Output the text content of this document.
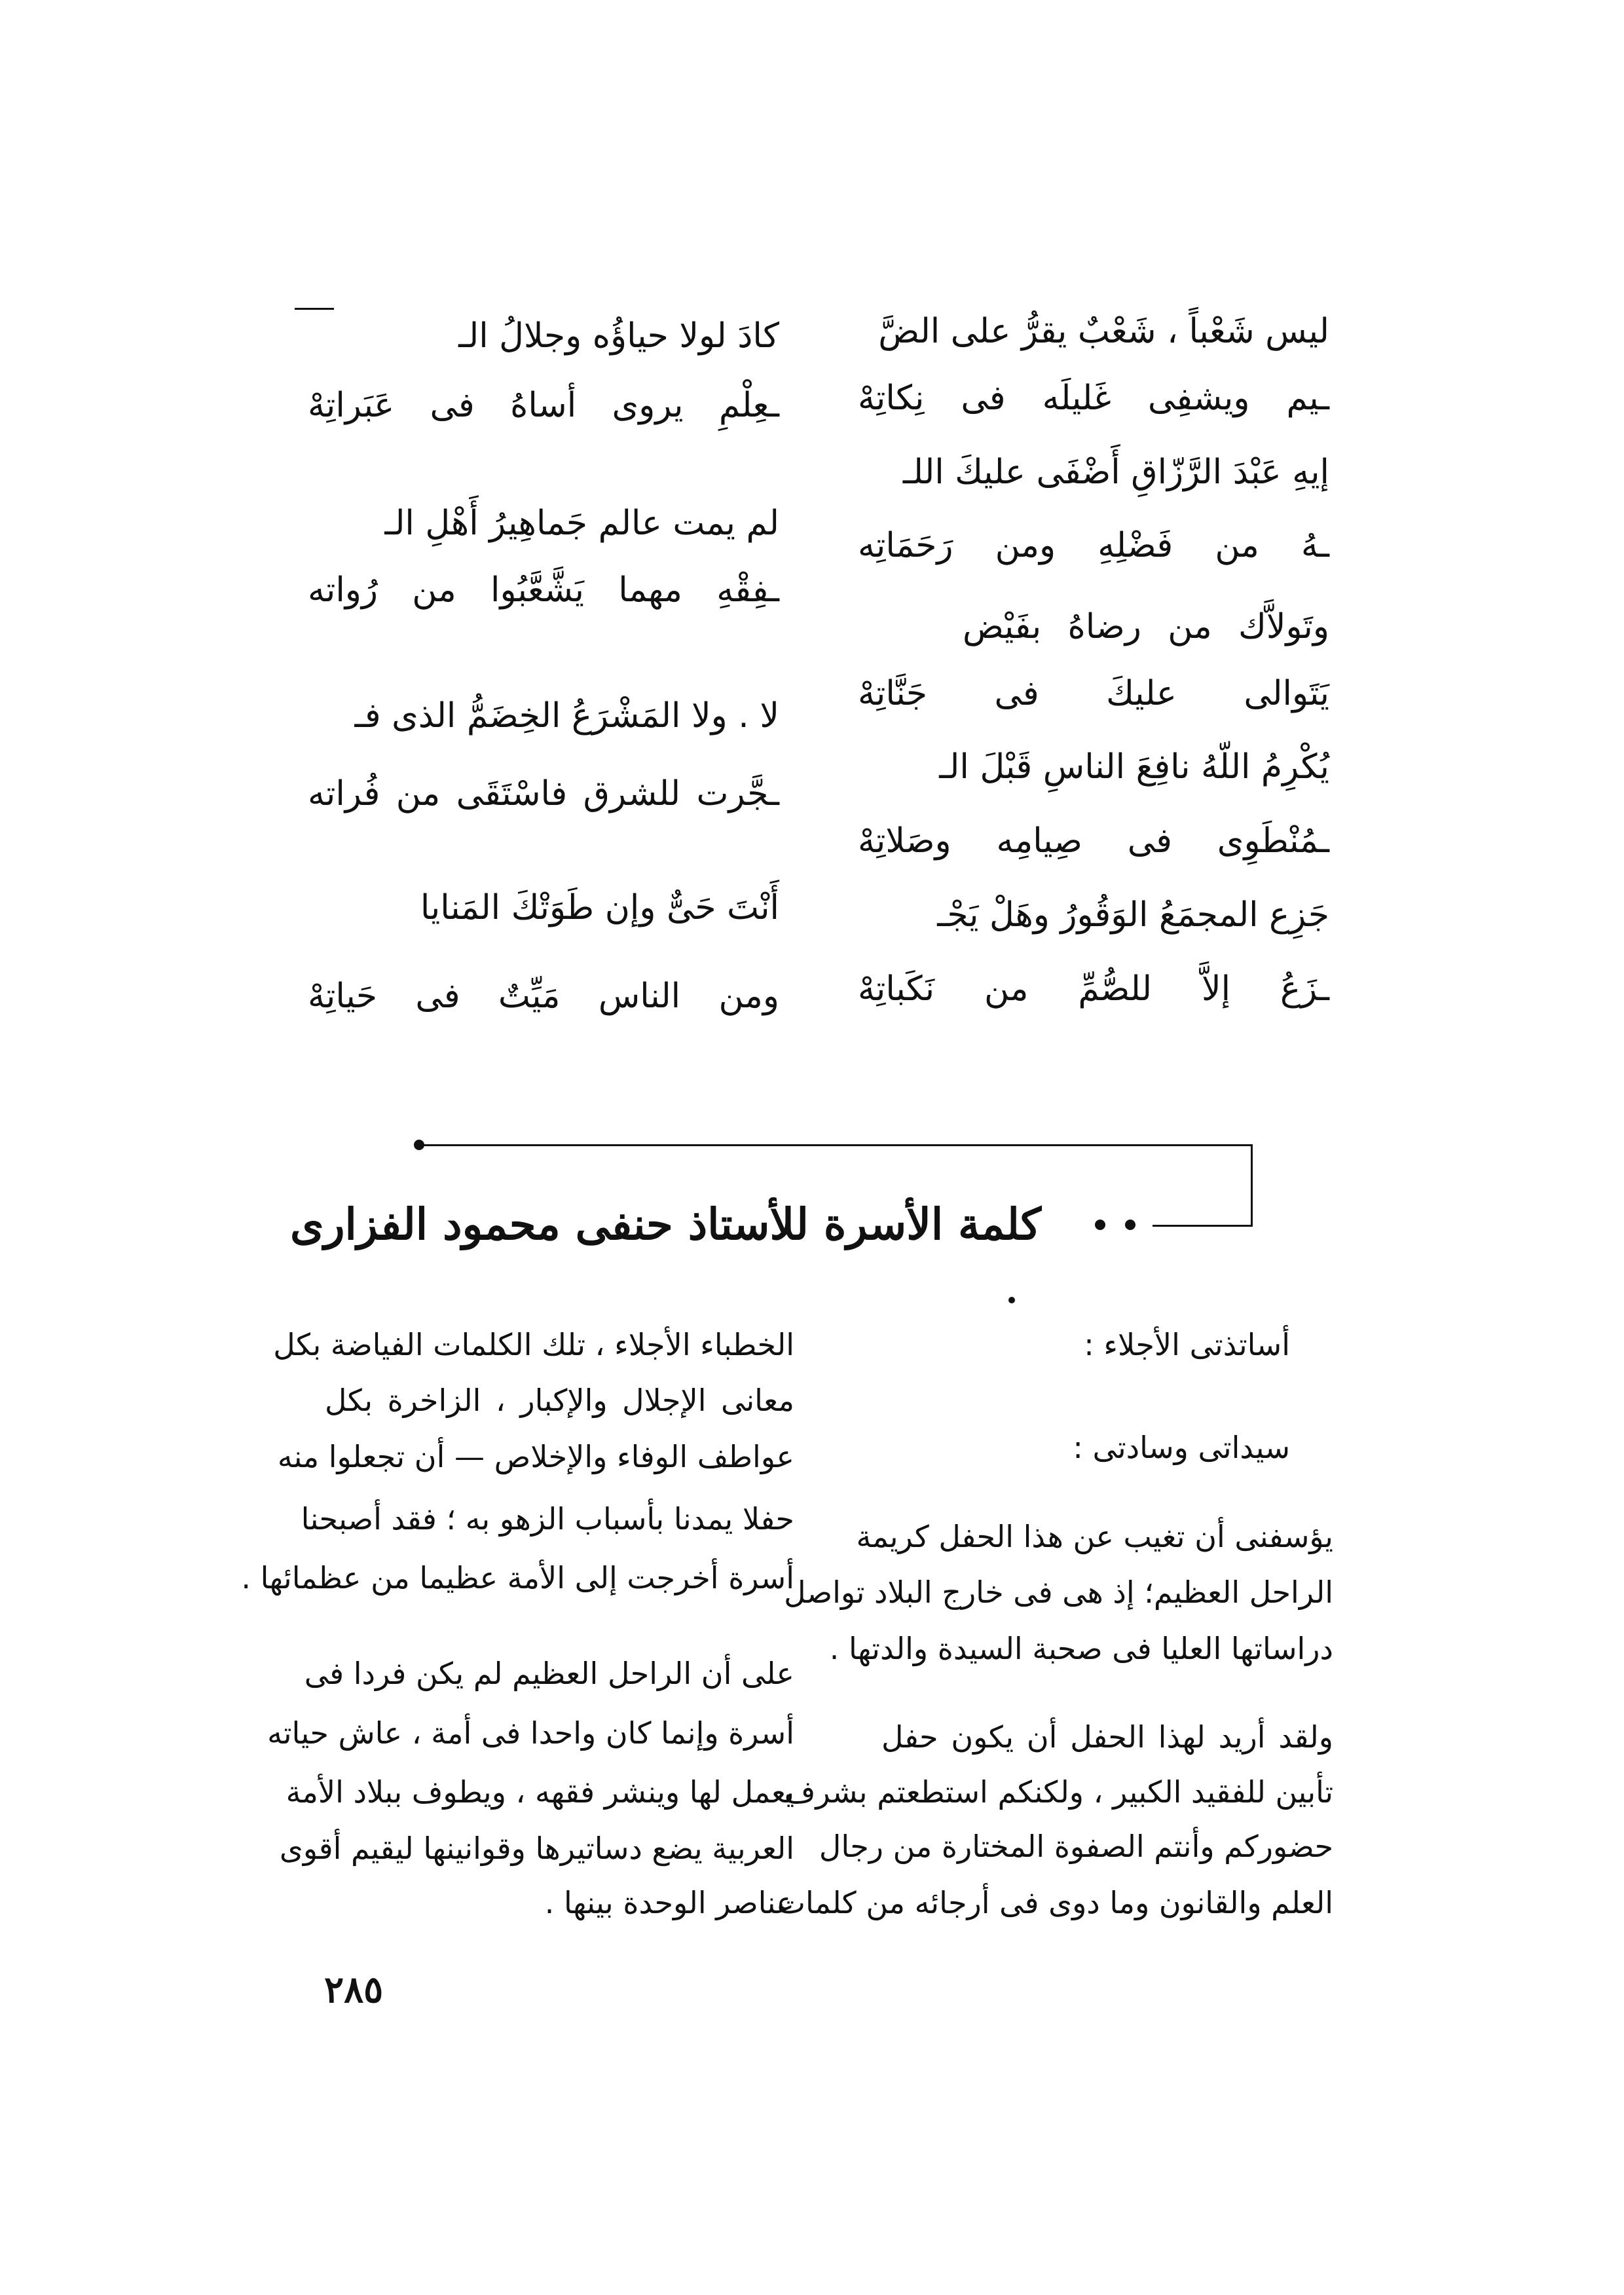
ليس شَعْباً ، شَعْبٌ يقرُّ على الضَّ
ـيم ويشفِى غَليلَه فى نِكاتِهْ
إيهِ عَبْدَ الرَّزّاقِ أَضْفَى عليكَ اللـ
ـهُ من فَضْلِهِ ومن رَحَمَاتِه
وتَولاَّك من رضاهُ بفَيْض
يَتَوالى عليكَ فى جَنَّاتِهْ
يُكْرِمُ اللّهُ نافِعَ الناسِ قَبْلَ الـ
ـمُنْطَوِى فى صِيامِه وصَلاتِهْ
جَزِع المجمَعُ الوَقُورُ وهَلْ يَجْـ
ـزَعُ إلاَّ للصُّمِّ من نَكَباتِهْ
كادَ لولا حياؤُه وجلالُ الـ
ـعِلْمِ يروى أساهُ فى عَبَراتِهْ
لم يمت عالم جَماهِيرُ أَهْلِ الـ
ـفِقْهِ مهما يَشَّعَّبُوا من رُواته
لا . ولا المَشْرَعُ الخِضَمُّ الذى فـ
ـجَّرت للشرق فاسْتَقَى من فُراته
أَنْتَ حَىٌّ وإن طَوَتْكَ المَنايا
ومن الناس مَيِّتٌ فى حَياتِهْ
كلمة الأسرة للأستاذ حنفى محمود الفزارى
أساتذتى الأجلاء :
سيداتى وسادتى :
يؤسفنى أن تغيب عن هذا الحفل كريمة
الراحل العظيم؛ إذ هى فى خارج البلاد تواصل
دراساتها العليا فى صحبة السيدة والدتها .
ولقد أريد لهذا الحفل أن يكون حفل
تأبين للفقيد الكبير ، ولكنكم استطعتم بشرف
حضوركم وأنتم الصفوة المختارة من رجال
العلم والقانون وما دوى فى أرجائه من كلمات
الخطباء الأجلاء ، تلك الكلمات الفياضة بكل
معانى الإجلال والإكبار ، الزاخرة بكل
عواطف الوفاء والإخلاص — أن تجعلوا منه
حفلا يمدنا بأسباب الزهو به ؛ فقد أصبحنا
أسرة أخرجت إلى الأمة عظيما من عظمائها .
على أن الراحل العظيم لم يكن فردا فى
أسرة وإنما كان واحدا فى أمة ، عاش حياته
يعمل لها وينشر فقهه ، ويطوف ببلاد الأمة
العربية يضع دساتيرها وقوانينها ليقيم أقوى
عناصر الوحدة بينها .
٢٨٥
